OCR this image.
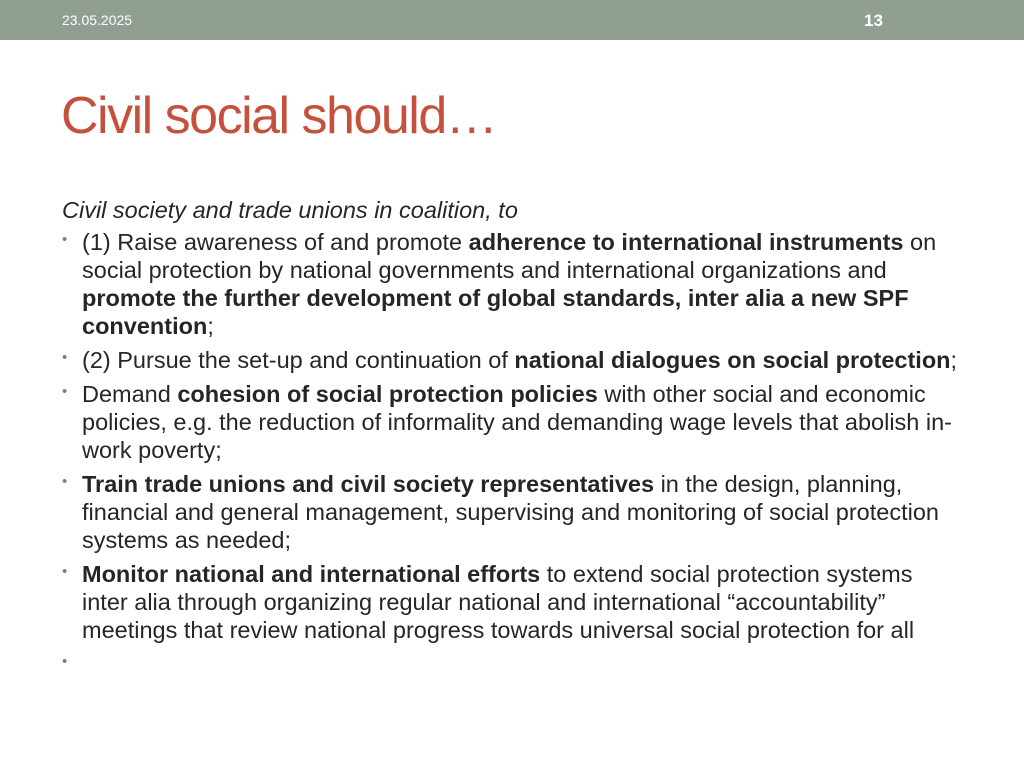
23.05.2025	13
Civil social should…
Civil society and trade unions in coalition, to
• (1) Raise awareness of and promote adherence to international instruments on social protection by national governments and international organizations and promote the further development of global standards, inter alia a new SPF convention;
• (2) Pursue the set-up and continuation of national dialogues on social protection;
• Demand cohesion of social protection policies with other social and economic policies, e.g. the reduction of informality and demanding wage levels that abolish in-work poverty;
• Train trade unions and civil society representatives in the design, planning, financial and general management, supervising and monitoring of social protection systems as needed;
• Monitor national and international efforts to extend social protection systems inter alia through organizing regular national and international “accountability” meetings that review national progress towards universal social protection for all
•
